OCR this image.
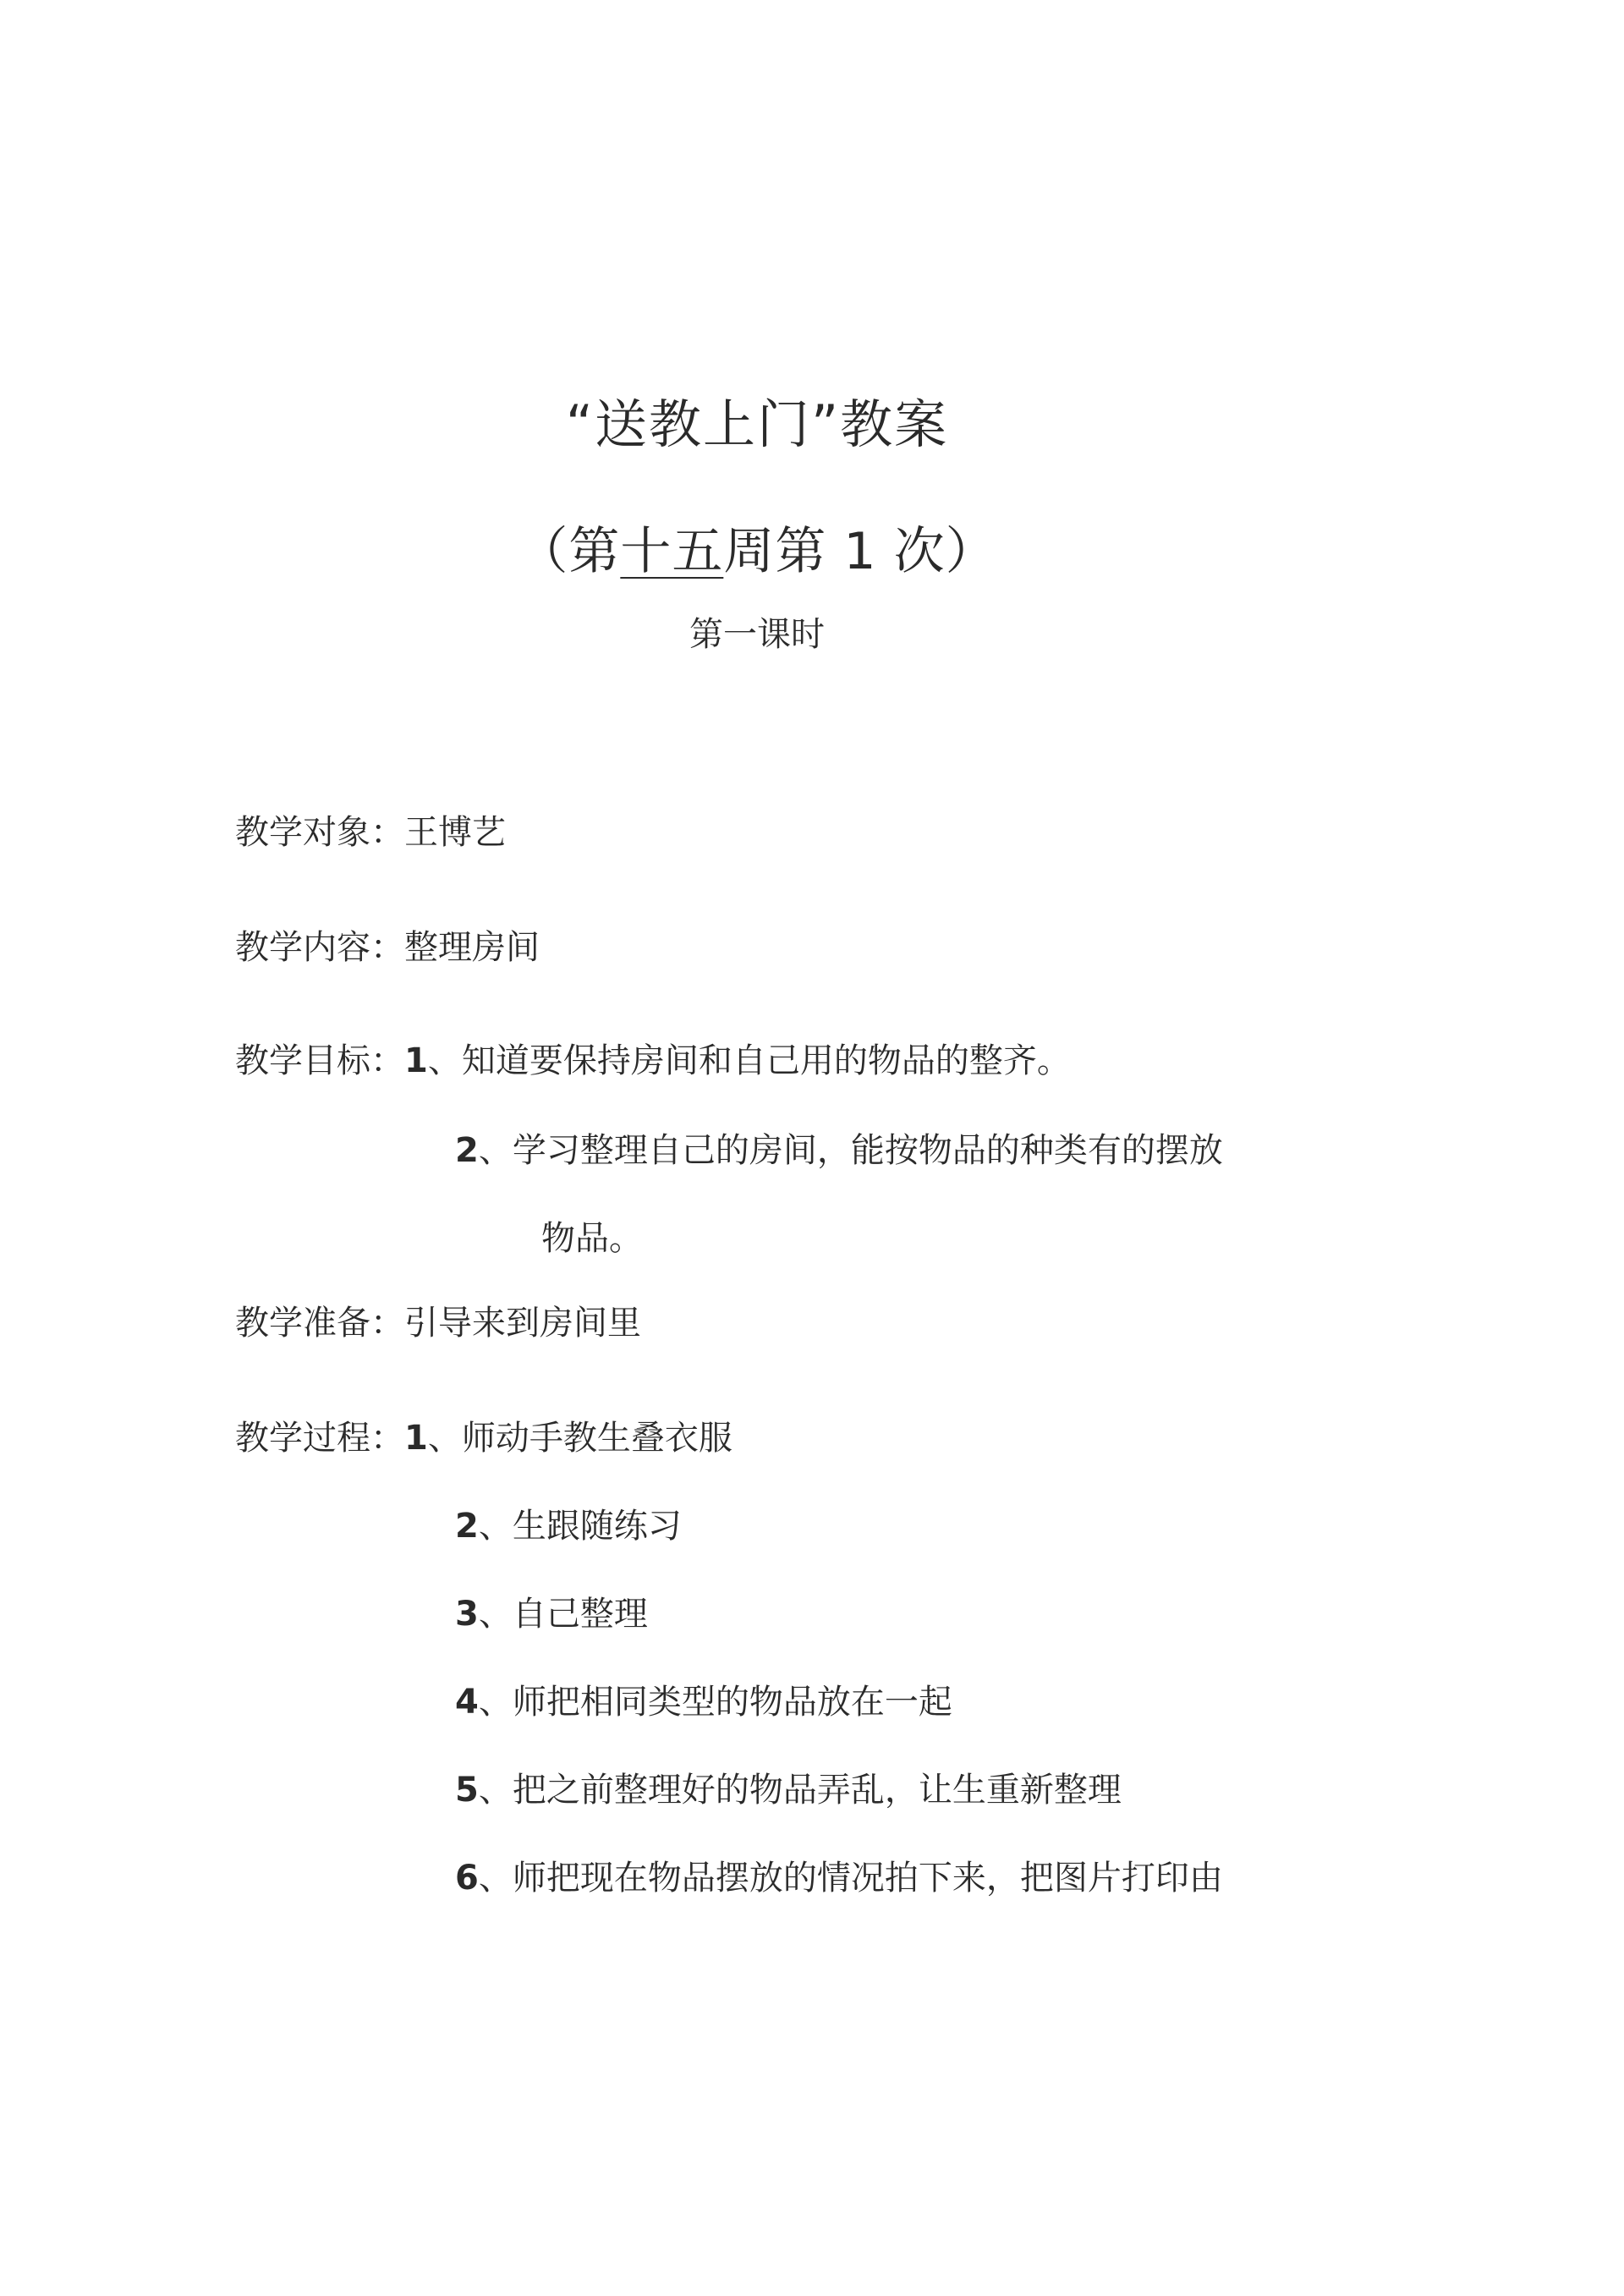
“送教上门”教案
（第十五周第 1 次）
第一课时
教学对象：王博艺
教学内容：整理房间
教学目标：1、知道要保持房间和自己用的物品的整齐。
2、学习整理自己的房间，能按物品的种类有的摆放
物品。
教学准备：引导来到房间里
教学过程：1、师动手教生叠衣服
2、生跟随练习
3、自己整理
4、师把相同类型的物品放在一起
5、把之前整理好的物品弄乱，让生重新整理
6、师把现在物品摆放的情况拍下来，把图片打印由
